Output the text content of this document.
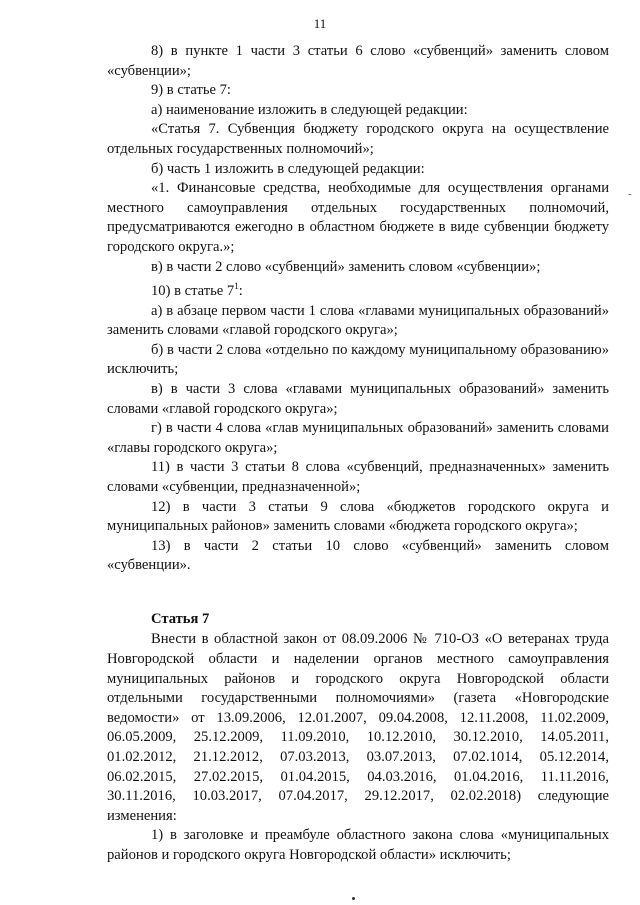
11
-

8) в пункте 1 части 3 статьи 6 слово «субвенций» заменить словом «субвенции»;

9) в статье 7:

а) наименование изложить в следующей редакции:

«Статья 7. Субвенция бюджету городского округа на осуществление отдельных государственных полномочий»;

б) часть 1 изложить в следующей редакции:

«1. Финансовые средства, необходимые для осуществления органами местного самоуправления отдельных государственных полномочий, предусматриваются ежегодно в областном бюджете в виде субвенции бюджету городского округа.»;

в) в части 2 слово «субвенций» заменить словом «субвенции»;

10) в статье $7^1$:

а) в абзаце первом части 1 слова «главами муниципальных образований» заменить словами «главой городского округа»;

б) в части 2 слова «отдельно по каждому муниципальному образованию» исключить;

в) в части 3 слова «главами муниципальных образований» заменить словами «главой городского округа»;

г) в части 4 слова «глав муниципальных образований» заменить словами «главы городского округа»;

11) в части 3 статьи 8 слова «субвенций, предназначенных» заменить словами «субвенции, предназначенной»;

12) в части 3 статьи 9 слова «бюджетов городского округа и муниципальных районов» заменить словами «бюджета городского округа»;

13) в части 2 статьи 10 слово «субвенций» заменить словом «субвенции».

Статья 7

Внести в областной закон от 08.09.2006 № 710-ОЗ «О ветеранах труда Новгородской области и наделении органов местного самоуправления муниципальных районов и городского округа Новгородской области отдельными государственными полномочиями» (газета «Новгородские ведомости» от 13.09.2006, 12.01.2007, 09.04.2008, 12.11.2008, 11.02.2009, 06.05.2009, 25.12.2009, 11.09.2010, 10.12.2010, 30.12.2010, 14.05.2011, 01.02.2012, 21.12.2012, 07.03.2013, 03.07.2013, 07.02.1014, 05.12.2014, 06.02.2015, 27.02.2015, 01.04.2015, 04.03.2016, 01.04.2016, 11.11.2016, 30.11.2016, 10.03.2017, 07.04.2017, 29.12.2017, 02.02.2018) следующие изменения:

1) в заголовке и преамбуле областного закона слова «муниципальных районов и городского округа Новгородской области» исключить;
